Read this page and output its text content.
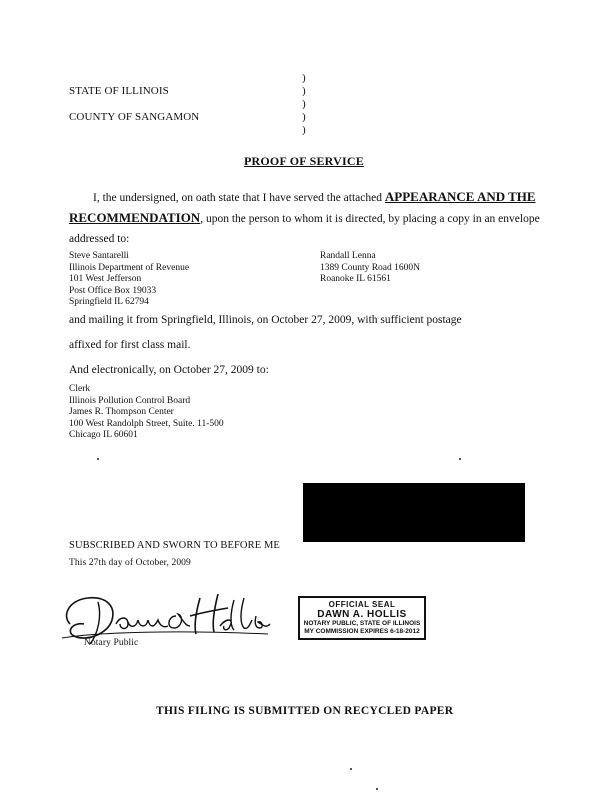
STATE OF ILLINOIS
COUNTY OF SANGAMON
)
)
)
)
)
PROOF OF SERVICE
I, the undersigned, on oath state that I have served the attached APPEARANCE AND THE
RECOMMENDATION, upon the person to whom it is directed, by placing a copy in an envelope
addressed to:
Steve Santarelli
Illinois Department of Revenue
101 West Jefferson
Post Office Box 19033
Springfield IL 62794
Randall Lenna
1389 County Road 1600N
Roanoke IL 61561
and mailing it from Springfield, Illinois, on October 27, 2009, with sufficient postage
affixed for first class mail.
And electronically, on October 27, 2009 to:
Clerk
Illinois Pollution Control Board
James R. Thompson Center
100 West Randolph Street, Suite. 11-500
Chicago IL 60601
SUBSCRIBED AND SWORN TO BEFORE ME
This 27th day of October, 2009
Notary Public
OFFICIAL SEAL
DAWN A. HOLLIS
NOTARY PUBLIC, STATE OF ILLINOIS
MY COMMISSION EXPIRES 6-18-2012
THIS FILING IS SUBMITTED ON RECYCLED PAPER
